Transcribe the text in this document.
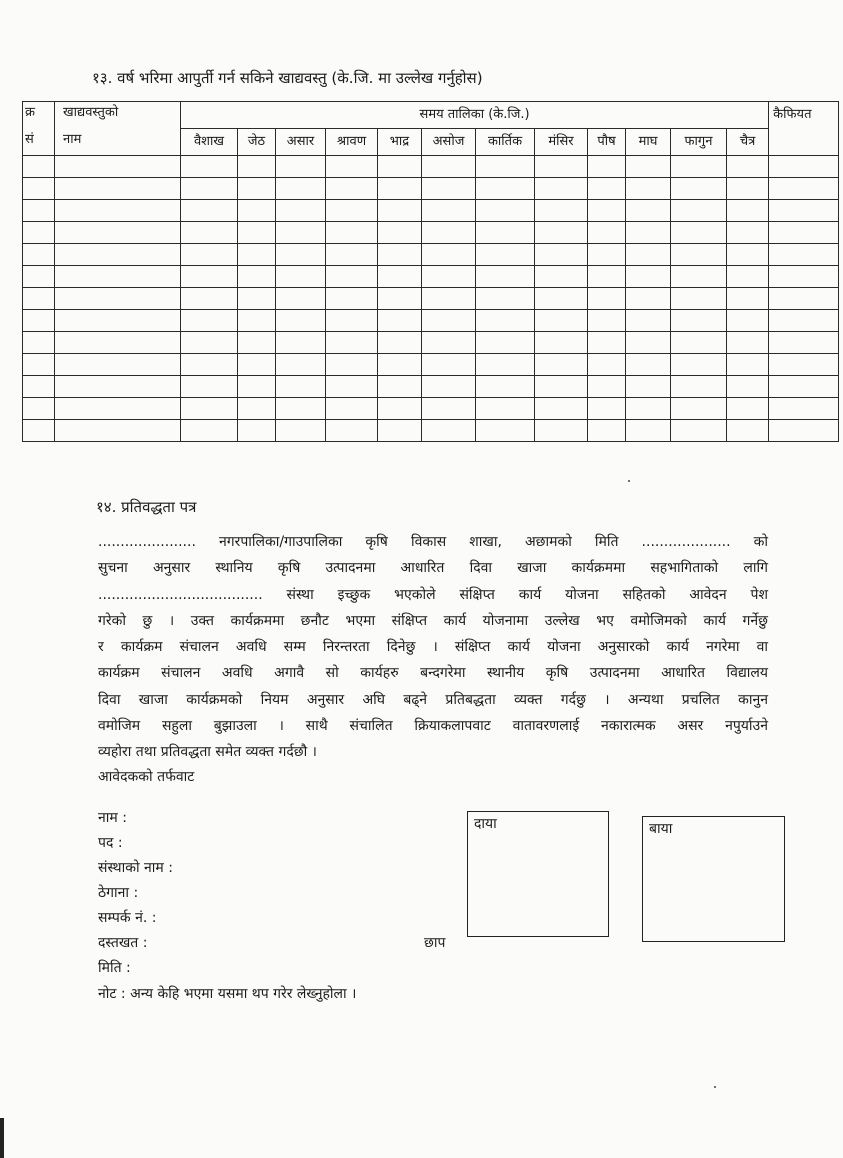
१३. वर्ष भरिमा आपुर्ती गर्न सकिने खाद्यवस्तु (के.जि. मा उल्लेख गर्नुहोस)
क्र	खाद्यवस्तुको	समय तालिका (के.जि.)												कैफियत
सं	नाम	वैशाख	जेठ	असार	श्रावण	भाद्र	असोज	कार्तिक	मंसिर	पौष	माघ	फागुन	चैत्र	

१४. प्रतिवद्धता पत्र
...................... नगरपालिका/गाउपालिका कृषि विकास शाखा, अछामको मिति .................... को
सुचना अनुसार स्थानिय कृषि उत्पादनमा आधारित दिवा खाजा कार्यक्रममा सहभागिताको लागि
..................................... संस्था इच्छुक भएकोले संक्षिप्त कार्य योजना सहितको आवेदन पेश
गरेको छु । उक्त कार्यक्रममा छनौट भएमा संक्षिप्त कार्य योजनामा उल्लेख भए वमोजिमको कार्य गर्नेछु
र कार्यक्रम संचालन अवधि सम्म निरन्तरता दिनेछु । संक्षिप्त कार्य योजना अनुसारको कार्य नगरेमा वा
कार्यक्रम संचालन अवधि अगावै सो कार्यहरु बन्दगरेमा स्थानीय कृषि उत्पादनमा आधारित विद्यालय
दिवा खाजा कार्यक्रमको नियम अनुसार अघि बढ्ने प्रतिबद्धता व्यक्त गर्दछु । अन्यथा प्रचलित कानुन
वमोजिम सहुला बुझाउला । साथै संचालित क्रियाकलापवाट वातावरणलाई नकारात्मक असर नपुर्याउने
व्यहोरा तथा प्रतिवद्धता समेत व्यक्त गर्दछौ ।
आवेदकको तर्फवाट
नाम :
पद :
संस्थाको नाम :
ठेगाना :
सम्पर्क नं. :
दस्तखत :
मिति :
नोट : अन्य केहि भएमा यसमा थप गरेर लेख्नुहोला ।
छाप
दाया	बाया
